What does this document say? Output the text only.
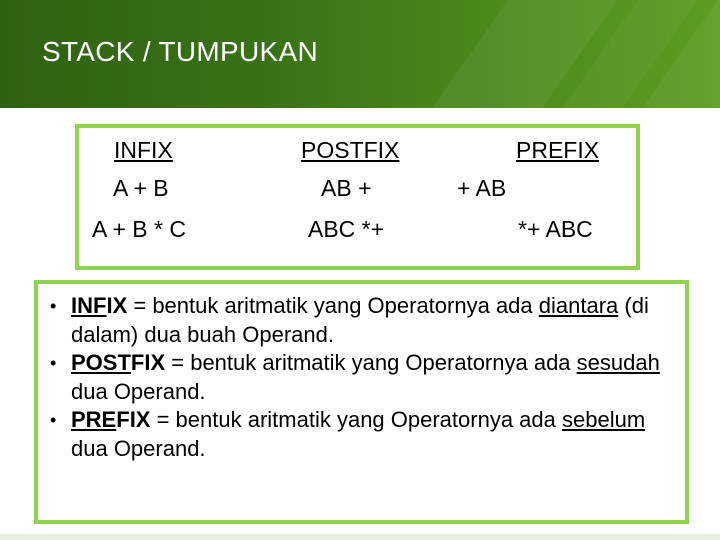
STACK / TUMPUKAN
INFIX
A + B
A + B * C
POSTFIX
AB +
ABC *+
PREFIX
+ AB
*+ ABC
• INFIX = bentuk aritmatik yang Operatornya ada diantara (di dalam) dua buah Operand.
• POSTFIX = bentuk aritmatik yang Operatornya ada sesudah dua Operand.
• PREFIX = bentuk aritmatik yang Operatornya ada sebelum dua Operand.
